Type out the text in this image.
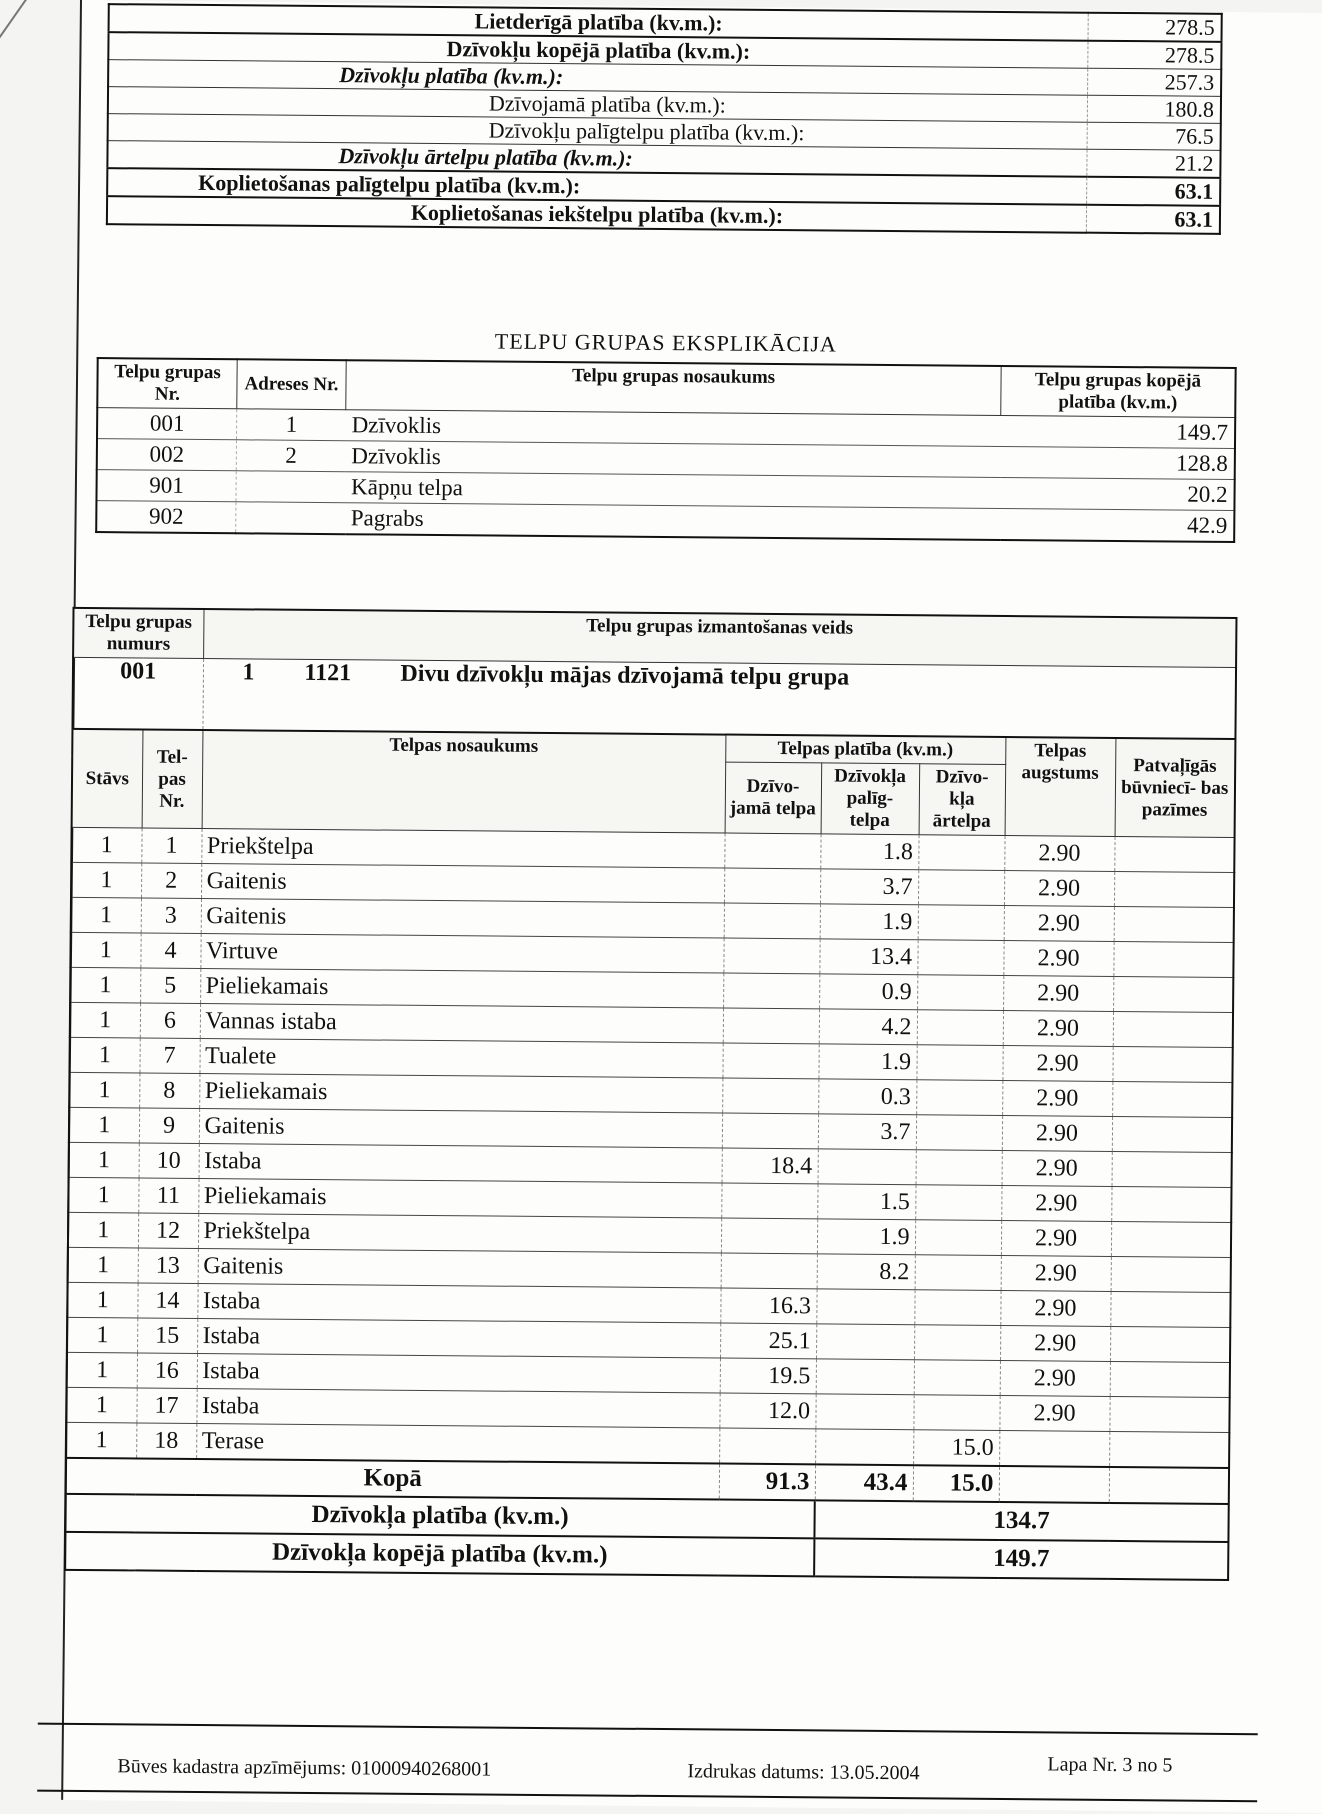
Lietderīgā platība (kv.m.):	278.5
Dzīvokļu kopējā platība (kv.m.):	278.5
Dzīvokļu platība (kv.m.):	257.3
Dzīvojamā platība (kv.m.):	180.8
Dzīvokļu palīgtelpu platība (kv.m.):	76.5
Dzīvokļu ārtelpu platība (kv.m.):	21.2
Koplietošanas palīgtelpu platība (kv.m.):	63.1
Koplietošanas iekštelpu platība (kv.m.):	63.1
TELPU GRUPAS EKSPLIKĀCIJA
Telpu grupas Nr.	Adreses Nr.	Telpu grupas nosaukums	Telpu grupas kopējā platība (kv.m.)
001	1	Dzīvoklis	149.7
002	2	Dzīvoklis	128.8
901		Kāpņu telpa	20.2
902		Pagrabs	42.9
Telpu grupas numurs		Telpu grupas izmantošanas veids					
001		1 1121 Divu dzīvokļu mājas dzīvojamā telpu grupa					
Stāvs	Tel- pas Nr.	Telpas nosaukums	Telpas platība (kv.m.)			Telpas augstums	Patvaļīgās būvniecī- bas pazīmes
			Dzīvo- jamā telpa	Dzīvokļa palīg- telpa	Dzīvo- kļa ārtelpa		
1	1	Priekštelpa		1.8		2.90	
1	2	Gaitenis		3.7		2.90	
1	3	Gaitenis		1.9		2.90	
1	4	Virtuve		13.4		2.90	
1	5	Pieliekamais		0.9		2.90	
1	6	Vannas istaba		4.2		2.90	
1	7	Tualete		1.9		2.90	
1	8	Pieliekamais		0.3		2.90	
1	9	Gaitenis		3.7		2.90	
1	10	Istaba	18.4			2.90	
1	11	Pieliekamais		1.5		2.90	
1	12	Priekštelpa		1.9		2.90	
1	13	Gaitenis		8.2		2.90	
1	14	Istaba	16.3			2.90	
1	15	Istaba	25.1			2.90	
1	16	Istaba	19.5			2.90	
1	17	Istaba	12.0			2.90	
1	18	Terase			15.0		
Kopā			91.3	43.4	15.0		
Dzīvokļa platība (kv.m.)				134.7			
Dzīvokļa kopējā platība (kv.m.)				149.7			
Būves kadastra apzīmējums: 01000940268001	Izdrukas datums: 13.05.2004	Lapa Nr. 3 no 5
